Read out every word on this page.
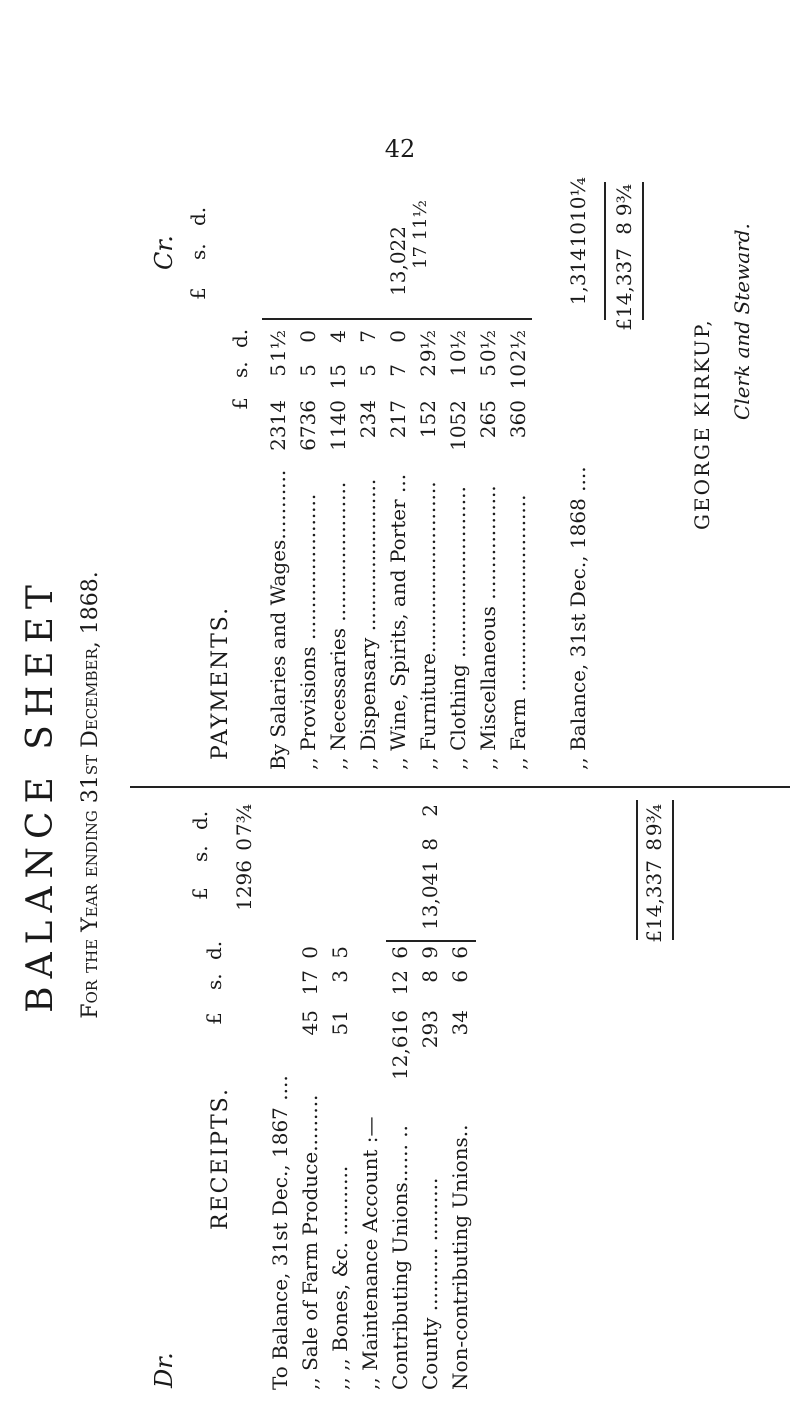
42
BALANCE SHEET For the Year ending 31st December, 1868.
Dr.
RECEIPTS.
£
s.
d.
£
s.
d.
To Balance, 31st Dec., 1867 ....
1296
0
7¾
,, Sale of Farm Produce.........
45
17
0
,, ,, Bones, &c. ...........
51
3
5
,, Maintenance Account :— Contributing Unions...... ..
12,616
12
6
County .......... ..........
293
8
9
Non-contributing Unions..
34
6
6
13,041
8
2
£14,337
8
9¾
Cr.
PAYMENTS.
£
s.
d.
£
s.
d.
By Salaries and Wages...........
2314
5
1½
,, Provisions .......................
6736
5
0
,, Necessaries ......................
1140
15
4
,, Dispensary ........................
234
5
7
,, Wine, Spirits, and Porter ...
217
7
0
,, Furniture...........................
152
2
9½
,, Clothing ...........................
1052
1
0½
,, Miscellaneous ..................
265
5
0½
,, Farm ...............................
360
10
2½
13,022 17 11½
,, Balance, 31st Dec., 1868 ....
1,314
10
10¼
£14,337
8
9¾
GEORGE KIRKUP, Clerk and Steward.
